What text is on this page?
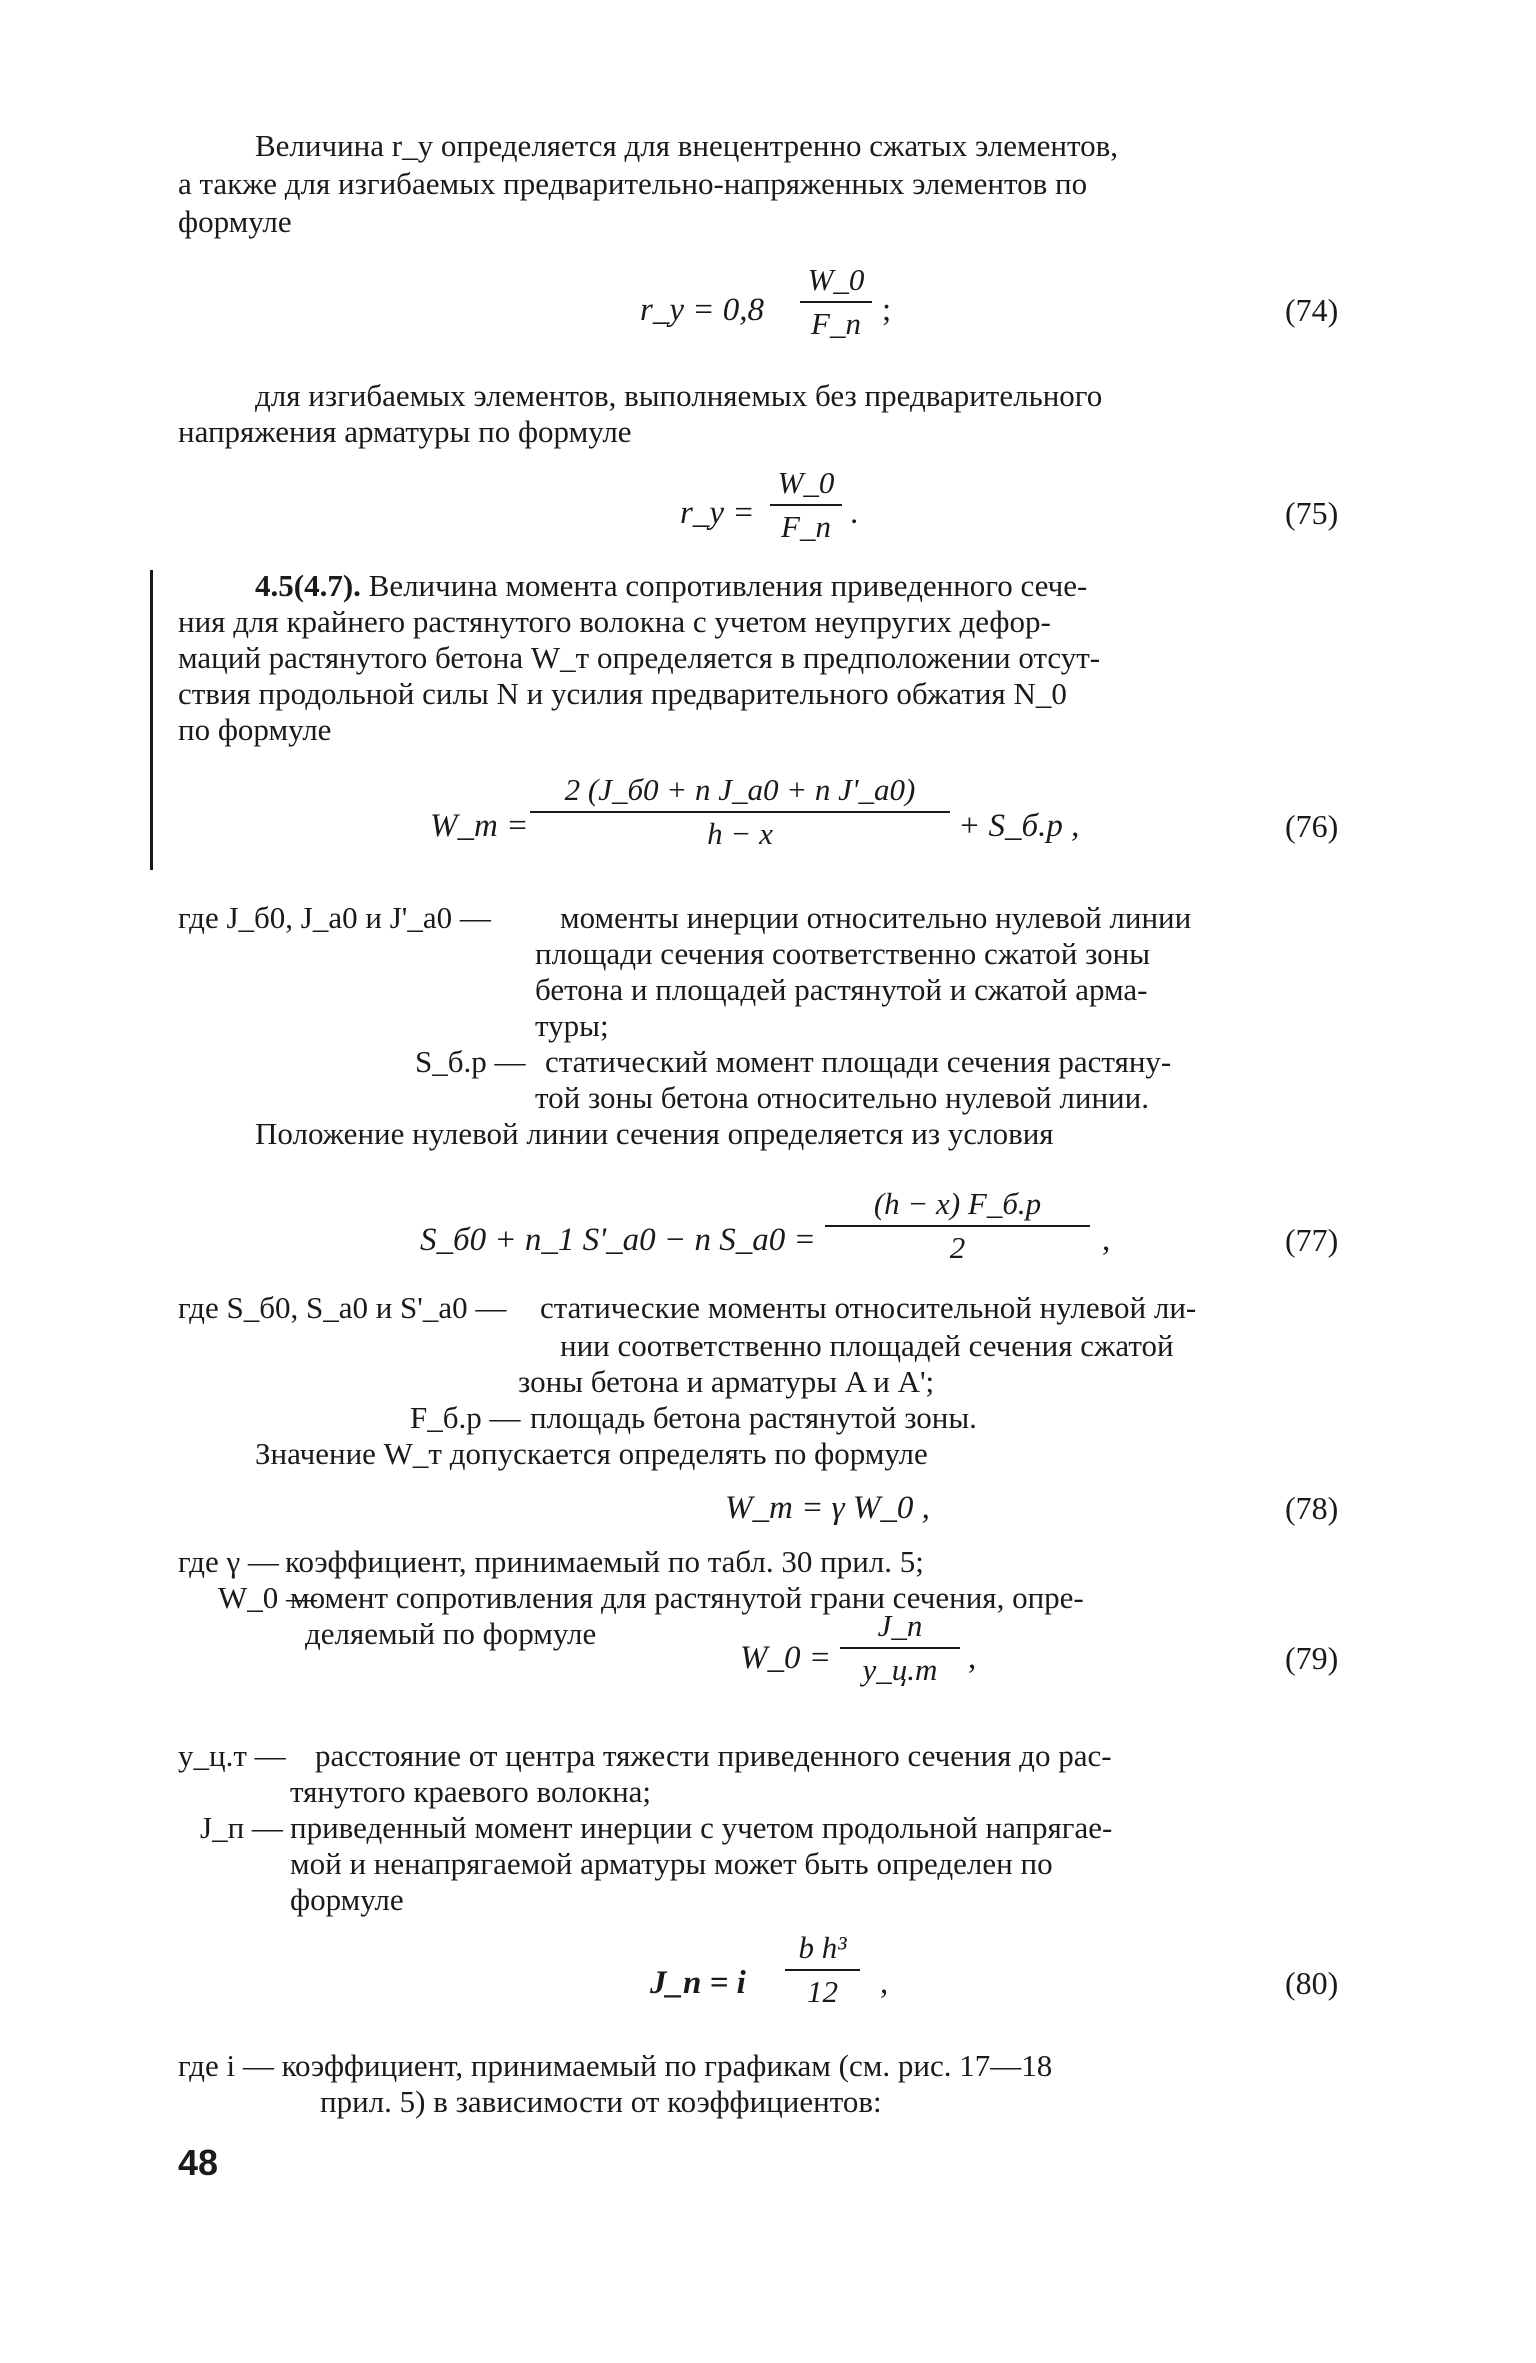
Величина r_y определяется для внецентренно сжатых элементов,
а также для изгибаемых предварительно-напряженных элементов по
формуле
r_y = 0,8
W_0
F_п ;	(74)
для изгибаемых элементов, выполняемых без предварительного
напряжения арматуры по формуле
r_y =
W_0
F_п .	(75)
4.5(4.7). Величина момента сопротивления приведенного сече-
ния для крайнего растянутого волокна с учетом неупругих дефор-
маций растянутого бетона W_т определяется в предположении отсут-
ствия продольной силы N и усилия предварительного обжатия N_0
по формуле
W_т =
2 (J_б0 + n J_а0 + n J'_а0)
h − x	+ S_б.р ,	(76)
где J_б0, J_а0 и J'_а0 — моменты инерции относительно нулевой линии
площади сечения соответственно сжатой зоны
бетона и площадей растянутой и сжатой арма-
туры;
S_б.р — статический момент площади сечения растяну-
той зоны бетона относительно нулевой линии.
Положение нулевой линии сечения определяется из условия
S_б0 + n_1 S'_а0 − n S_а0 =
(h − x) F_б.р
2	,	(77)
где S_б0, S_а0 и S'_а0 — статические моменты относительной нулевой ли-
нии соответственно площадей сечения сжатой
зоны бетона и арматуры A и A';
F_б.р — площадь бетона растянутой зоны.
Значение W_т допускается определять по формуле
W_т = γ W_0 ,	(78)
где γ — коэффициент, принимаемый по табл. 30 прил. 5;
W_0 —
момент сопротивления для растянутой грани сечения, опре-
деляемый по формуле
W_0 =
J_п
y_ц.т ,	(79)
y_ц.т — расстояние от центра тяжести приведенного сечения до рас-
тянутого краевого волокна;
J_п — приведенный момент инерции с учетом продольной напрягае-
мой и ненапрягаемой арматуры может быть определен по
формуле
J_п = i
b h³
12	,	(80)
где i — коэффициент, принимаемый по графикам (см. рис. 17—18
прил. 5) в зависимости от коэффициентов:
48
